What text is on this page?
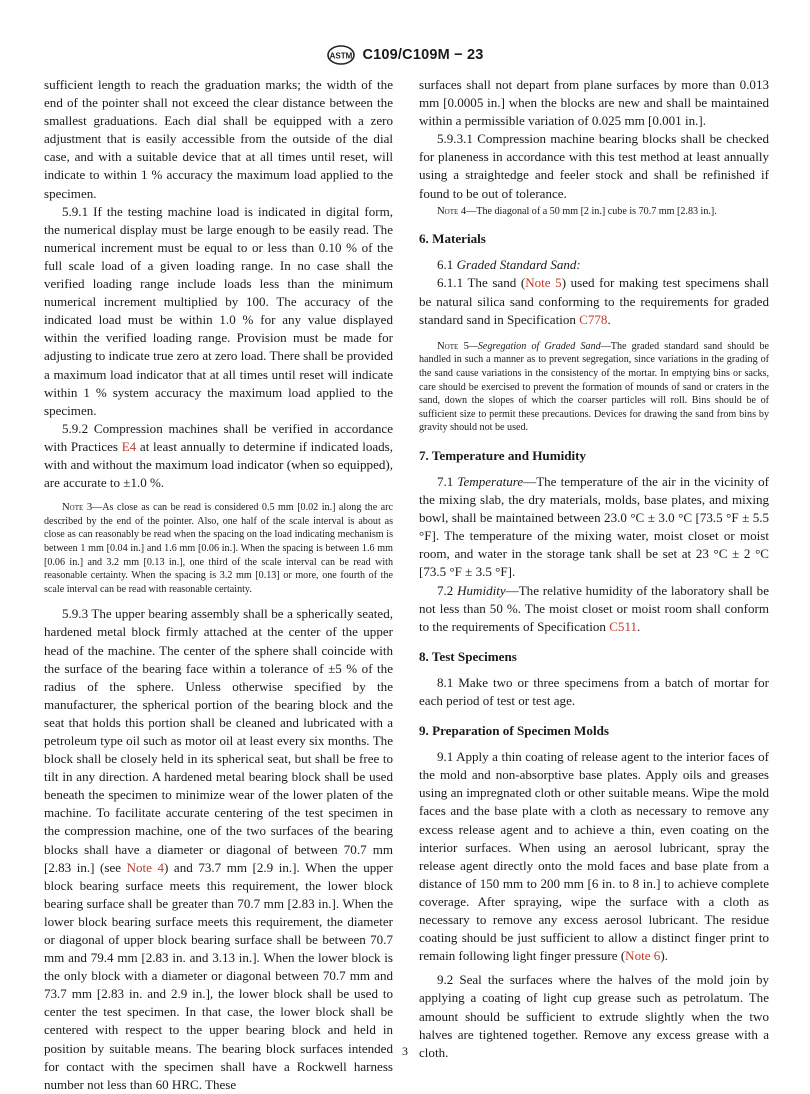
ASTM C109/C109M − 23

sufficient length to reach the graduation marks; the width of the end of the pointer shall not exceed the clear distance between the smallest graduations. Each dial shall be equipped with a zero adjustment that is easily accessible from the outside of the dial case, and with a suitable device that at all times until reset, will indicate to within 1 % accuracy the maximum load applied to the specimen.

5.9.1 If the testing machine load is indicated in digital form, the numerical display must be large enough to be easily read. The numerical increment must be equal to or less than 0.10 % of the full scale load of a given loading range. In no case shall the verified loading range include loads less than the minimum numerical increment multiplied by 100. The accuracy of the indicated load must be within 1.0 % for any value displayed within the verified loading range. Provision must be made for adjusting to indicate true zero at zero load. There shall be provided a maximum load indicator that at all times until reset will indicate within 1 % system accuracy the maximum load applied to the specimen.

5.9.2 Compression machines shall be verified in accordance with Practices E4 at least annually to determine if indicated loads, with and without the maximum load indicator (when so equipped), are accurate to ±1.0 %.

Note 3—As close as can be read is considered 0.5 mm [0.02 in.] along the arc described by the end of the pointer. Also, one half of the scale interval is about as close as can reasonably be read when the spacing on the load indicating mechanism is between 1 mm [0.04 in.] and 1.6 mm [0.06 in.]. When the spacing is between 1.6 mm [0.06 in.] and 3.2 mm [0.13 in.], one third of the scale interval can be read with reasonable certainty. When the spacing is 3.2 mm [0.13] or more, one fourth of the scale interval can be read with reasonable certainty.

5.9.3 The upper bearing assembly shall be a spherically seated, hardened metal block firmly attached at the center of the upper head of the machine. The center of the sphere shall coincide with the surface of the bearing face within a tolerance of ±5 % of the radius of the sphere. Unless otherwise specified by the manufacturer, the spherical portion of the bearing block and the seat that holds this portion shall be cleaned and lubricated with a petroleum type oil such as motor oil at least every six months. The block shall be closely held in its spherical seat, but shall be free to tilt in any direction. A hardened metal bearing block shall be used beneath the specimen to minimize wear of the lower platen of the machine. To facilitate accurate centering of the test specimen in the compression machine, one of the two surfaces of the bearing blocks shall have a diameter or diagonal of between 70.7 mm [2.83 in.] (see Note 4) and 73.7 mm [2.9 in.]. When the upper block bearing surface meets this requirement, the lower block bearing surface shall be greater than 70.7 mm [2.83 in.]. When the lower block bearing surface meets this requirement, the diameter or diagonal of upper block bearing surface shall be between 70.7 mm and 79.4 mm [2.83 in. and 3.13 in.]. When the lower block is the only block with a diameter or diagonal between 70.7 mm and 73.7 mm [2.83 in. and 2.9 in.], the lower block shall be used to center the test specimen. In that case, the lower block shall be centered with respect to the upper bearing block and held in position by suitable means. The bearing block surfaces intended for contact with the specimen shall have a Rockwell harness number not less than 60 HRC. These

surfaces shall not depart from plane surfaces by more than 0.013 mm [0.0005 in.] when the blocks are new and shall be maintained within a permissible variation of 0.025 mm [0.001 in.].

5.9.3.1 Compression machine bearing blocks shall be checked for planeness in accordance with this test method at least annually using a straightedge and feeler stock and shall be refinished if found to be out of tolerance.

Note 4—The diagonal of a 50 mm [2 in.] cube is 70.7 mm [2.83 in.].

6. Materials

6.1 Graded Standard Sand:

6.1.1 The sand (Note 5) used for making test specimens shall be natural silica sand conforming to the requirements for graded standard sand in Specification C778.

Note 5—Segregation of Graded Sand—The graded standard sand should be handled in such a manner as to prevent segregation, since variations in the grading of the sand cause variations in the consistency of the mortar. In emptying bins or sacks, care should be exercised to prevent the formation of mounds of sand or craters in the sand, down the slopes of which the coarser particles will roll. Bins should be of sufficient size to permit these precautions. Devices for drawing the sand from bins by gravity should not be used.

7. Temperature and Humidity

7.1 Temperature—The temperature of the air in the vicinity of the mixing slab, the dry materials, molds, base plates, and mixing bowl, shall be maintained between 23.0 °C ± 3.0 °C [73.5 °F ± 5.5 °F]. The temperature of the mixing water, moist closet or moist room, and water in the storage tank shall be set at 23 °C ± 2 °C [73.5 °F ± 3.5 °F].

7.2 Humidity—The relative humidity of the laboratory shall be not less than 50 %. The moist closet or moist room shall conform to the requirements of Specification C511.

8. Test Specimens

8.1 Make two or three specimens from a batch of mortar for each period of test or test age.

9. Preparation of Specimen Molds

9.1 Apply a thin coating of release agent to the interior faces of the mold and non-absorptive base plates. Apply oils and greases using an impregnated cloth or other suitable means. Wipe the mold faces and the base plate with a cloth as necessary to remove any excess release agent and to achieve a thin, even coating on the interior surfaces. When using an aerosol lubricant, spray the release agent directly onto the mold faces and base plate from a distance of 150 mm to 200 mm [6 in. to 8 in.] to achieve complete coverage. After spraying, wipe the surface with a cloth as necessary to remove any excess aerosol lubricant. The residue coating should be just sufficient to allow a distinct finger print to remain following light finger pressure (Note 6).

9.2 Seal the surfaces where the halves of the mold join by applying a coating of light cup grease such as petrolatum. The amount should be sufficient to extrude slightly when the two halves are tightened together. Remove any excess grease with a cloth.

3
